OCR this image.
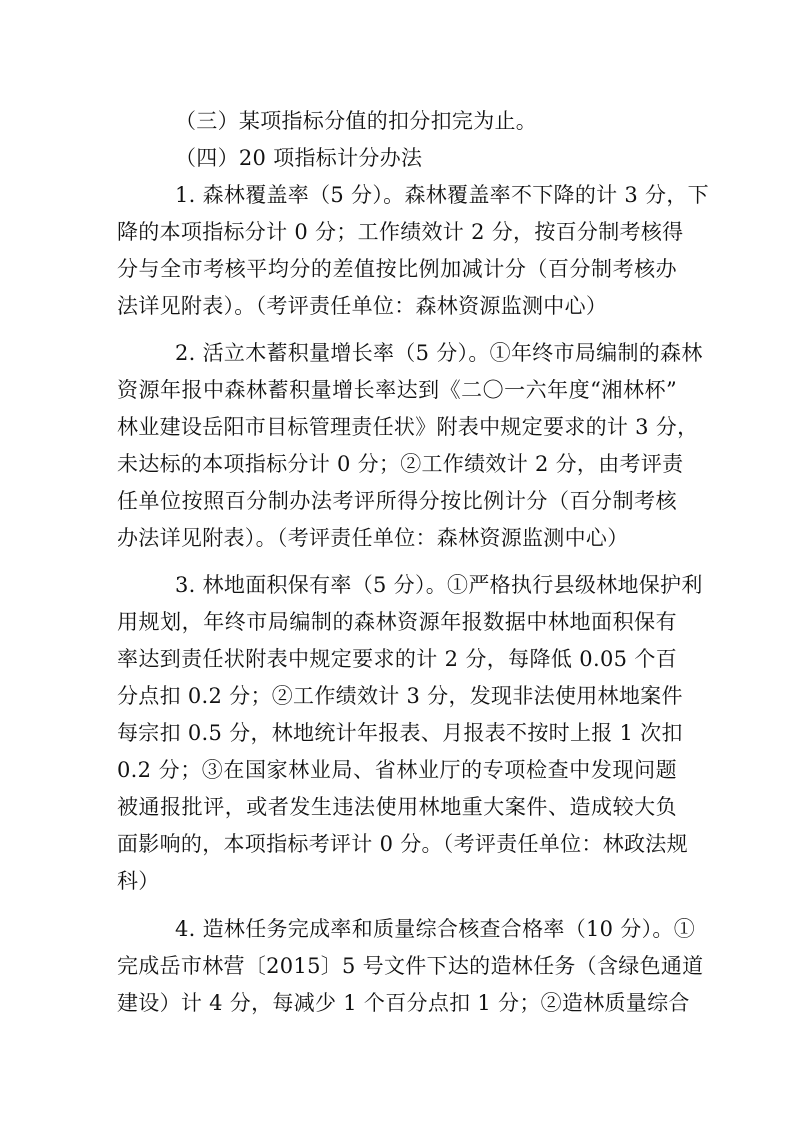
（三）某项指标分值的扣分扣完为止。
（四）20 项指标计分办法
1. 森林覆盖率（5 分）。森林覆盖率不下降的计 3 分，下
降的本项指标分计 0 分；工作绩效计 2 分，按百分制考核得
分与全市考核平均分的差值按比例加减计分（百分制考核办
法详见附表）。（考评责任单位：森林资源监测中心）
2. 活立木蓄积量增长率（5 分）。①年终市局编制的森林
资源年报中森林蓄积量增长率达到《二〇一六年度“湘林杯”
林业建设岳阳市目标管理责任状》附表中规定要求的计 3 分，
未达标的本项指标分计 0 分；②工作绩效计 2 分，由考评责
任单位按照百分制办法考评所得分按比例计分（百分制考核
办法详见附表）。（考评责任单位：森林资源监测中心）
3. 林地面积保有率（5 分）。①严格执行县级林地保护利
用规划，年终市局编制的森林资源年报数据中林地面积保有
率达到责任状附表中规定要求的计 2 分，每降低 0.05 个百
分点扣 0.2 分；②工作绩效计 3 分，发现非法使用林地案件
每宗扣 0.5 分，林地统计年报表、月报表不按时上报 1 次扣
0.2 分；③在国家林业局、省林业厅的专项检查中发现问题
被通报批评，或者发生违法使用林地重大案件、造成较大负
面影响的，本项指标考评计 0 分。（考评责任单位：林政法规
科）
4. 造林任务完成率和质量综合核查合格率（10 分）。①
完成岳市林营〔2015〕5 号文件下达的造林任务（含绿色通道
建设）计 4 分，每减少 1 个百分点扣 1 分；②造林质量综合
